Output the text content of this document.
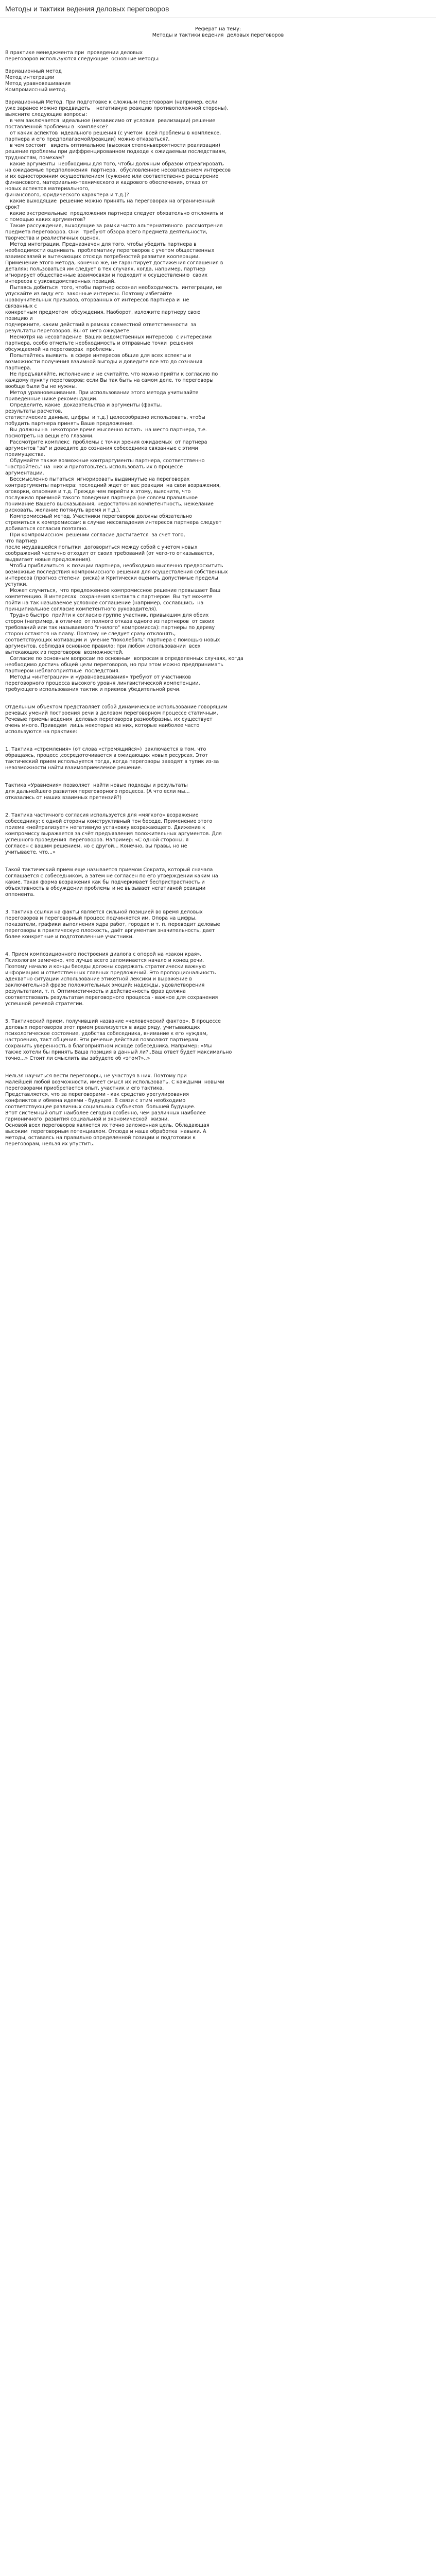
Методы и тактики ведения деловых переговоров

Реферат на тему:

Методы и тактики ведения  деловых переговоров

В практике менеджмента при  проведении деловых

переговоров используются следующие  основные методы:

Вариационный метод

Метод интеграции

Метод уравновешивания

Компромиссный метод.

Вариационный Метод. При подготовке к сложным переговорам (например, если

уже заранее можно предвидеть    негативную реакцию противоположной стороны),

выясните следующие вопросы:

в чем заключается  идеальное (независимо от условия  реализации) решение

поставленной проблемы в  комплексе?

от каких аспектов  идеального решения (с учетом  всей проблемы в комплексе,

партнера и его предполагаемой/реакции) можно отказаться?,

в чем состоит   видеть оптимальное (высокая степеньвероятности реализации)

решение проблемы при диффренцированном подходе к ожидаемым последствиям,

трудностям, помехам?

какие аргументы  необходимы для того, чтобы должным образом отреагировать

на ожидаемые предположения  партнера,  обусловленное несовпадением интересов

и их односторонним осуществлением (сужение или соответственно расширение

финансового, материально-технического и кадрового обеспечения, отказ от

новых аспектов материального,

финансового, юридического характера и т.д.)?

какие выходящие  решение можно принять на переговорах на ограниченный

срок?

какие экстремальные  предложения партнера следует обязательно отклонить и

с помощью каких аргументов?

Такие рассуждения, выходящие за рамки чисто альтернативного  рассмотрения

предмета переговоров. Они   требуют обзора всего предмета деятельности,

творчества и реалистичных оценок.

Метод интеграции. Предназначен для того, чтобы убедить партнера в

необходимости оценивать  проблематику переговоров с учетом общественных

взаимосвязей и вытекающих отсюда потребностей развития кооперации.

Применение этого метода, конечно же, не гарантирует достижения соглашения в

деталях; пользоваться им следует в тех случаях, когда, например, партнер

игнорирует общественные взаимосвязи и подходит к осуществлению  своих

интересов с узковедомственных позиций.

Пытаясь добиться  того, чтобы партнер осознал необходимость  интеграции, не

упускайте из виду его  законные интересы. Поэтому избегайте

нравоучительных призывов, оторванных от интересов партнера и  не

связанных с

конкретным предметом  обсуждения. Наоборот, изложите партнеру свою

позицию и

подчеркните, каким действий в рамках совместной ответственности  за

результаты переговоров. Вы от него ожидаете.

Несмотря на несовпадение  Ваших ведомственных интересов  с интересами

партнера, особо отметьте необходимость и отправные точки  решения

обсуждаемой на переговорах  проблемы.

Попытайтесь выявить  в сфере интересов общие для всех аспекты и

возможности получения взаимной выгоды и доведите все это до сознания

партнера.

Не предъявляйте, исполнение и не считайте, что можно прийти к согласию по

каждому пункту переговоров; если Вы так быть на самом деле, то переговоры

вообще были бы не нужны.

Метод уравновешивания. При использовании этого метода учитывайте

приведенные ниже рекомендации.

Определите, какие  доказательства и аргументы (факты,

результаты расчетов,

статистические данные, цифры  и т.д.) целесообразно использовать, чтобы

побудить партнера принять Ваше предложение.

Вы должны на  некоторое время мысленно встать  на место партнера, т.е.

посмотреть на вещи его глазами.

Рассмотрите комплекс  проблемы с точки зрения ожидаемых  от партнера

аргументов "за" и доведите до сознания собеседника связанные с этими

преимущества.

Обдумайте также возможные контраргументы партнера, соответственно

"настройтесь" на  них и приготовьтесь использовать их в процессе

аргументации.

Бессмысленно пытаться  игнорировать выдвинутые на переговорах

контраргументы партнера: последний ждет от вас реакции  на свои возражения,

оговорки, опасения и т.д. Прежде чем перейти к этому, выясните, что

послужило причиной такого поведения партнера (не совсем правильное

понимание Вашего высказывания, недостаточная компетентность, нежелание

рисковать, желание потянуть время и т.д.).

Компромиссный метод. Участники переговоров должны обязательно

стремиться к компромиссам: в случае несовпадения интересов партнера следует

добиваться согласия поэтапно.

При компромиссном  решении согласие достигается  за счет того,

что партнер

после неудавшейся попытки  договориться между собой с учетом новых

соображений частично отходит от своих требований (от чего-то отказывается,

выдвигает новые предложения).

Чтобы приблизиться  к позиции партнера, необходимо мысленно предвосхитить

возможные последствия компромиссного решения для осуществления собственных

интересов (прогноз степени  риска) и Критически оценить допустимые пределы

уступки.

Может случиться,  что предложенное компромиссное решение превышает Ваш

компетенцию. В интересах  сохранения контакта с партнером  Вы тут можете

пойти на так называемое условное соглашение (например, сославшись  на

принципиальное согласие компетентного руководителя).

Трудно быстро  прийти к согласию группе участник, привыкшим для обеих

сторон (например, в отличие  от полного отказа одного из партнеров  от своих

требований или так называемого "гнилого" компромисса): партнеры по дереву

сторон остаются на плаву. Поэтому не следует сразу отклонять,

соответствующих мотивации и  умение "поколебать" партнера с помощью новых

аргументов, соблюдая основное правило: при любом использовании  всех

вытекающих из переговоров  возможностей.

Согласие по основным вопросам по основным  вопросам в определенных случаях, когда

необходимо достичь общей цели переговоров, но при этом можно предпринимать

партнером неблагоприятные  последствия.

Методы «интеграции» и «уравновешивания» требуют от участников

переговорного процесса высокого уровня лингвистической компетенции,

требующего использования тактик и приемов убедительной речи.

Отдельным объектом представляет собой динамическое использование говорящим

речевых умений построения речи в деловом переговорном процессе статичным.

Речевые приемы ведения  деловых переговоров разнообразны, их существует

очень много. Приведем  лишь некоторые из них, которые наиболее часто

используются на практике:

1. Тактика «стремления» (от слова «стремящийся»)  заключается в том, что

обращаясь, процесс ,сосредоточивается в ожидающих новых ресурсах. Этот

тактический прием используется тогда, когда переговоры заходят в тупик из-за

невозможности найти взаимоприемлемое решение.

Тактика «Уравнения» позволяет  найти новые подходы и результаты

для дальнейшего развития переговорного процесса. (А что если мы...

отказались от наших взаимных претензий?)

2. Тактика частичного согласия используется для «мягкого» возражение

собеседнику: с одной стороны конструктивный тон беседе. Применение этого

приема «нейтрализует» негативную установку возражающего. Движение к

компромиссу выражается за счёт предъявления положительных аргументов. Для

успешного проведения  переговоров. Например: «С одной стороны, я

согласен с вашим решением, но с другой... Конечно, вы правы, но не

учитываете, что...»

Такой тактический прием еще называется приемом Сократа, который сначала

соглашается с собеседником, а затем не согласен по его утверждении каким на

какие. Такая форма возражения как бы подчеркивает беспристрастность и

объективность в обсуждении проблемы и не вызывает негативной реакции

оппонента.

3. Тактика ссылки на факты является сильной позицией во время деловых

переговоров и переговорный процесс подчиняется им. Опора на цифры,

показатели, графики выполнения ядра работ, городах и т. п. переводит деловые

переговоры в практическую плоскость, даёт аргументам значительность, дает

более конкретные и подготовленные участники.

4. Прием композиционного построения диалога с опорой на «закон края».

Психологам замечено, что лучше всего запоминается начало и конец речи.

Поэтому начало и концы беседы должны содержать стратегически важную

информацию и ответственных главных предложений. Это пропорциональность

адекватно ситуации использование этикетной лексики и выражение в

заключительной фразе положительных эмоций: надежды, удовлетворения

результатами, т. п. Оптимистичность и действенность фраз должна

соответствовать результатам переговорного процесса - важное для сохранения

успешной речевой стратегии.

5. Тактический прием, получивший название «человеческий фактор». В процессе

деловых переговоров этот прием реализуется в виде ряду, учитывающих

психологическое состояние, удобства собеседника, внимание к его нуждам,

настроению, такт общения. Эти речевые действия позволяют партнерам

сохранить уверенность в благоприятном исходе собеседника. Например: «Мы

также хотели бы принять Ваша позиция в данный ли?..Ваш ответ будет максимально

точно...» Стоит ли смыслить вы забудете об «этом?»..»

Нельзя научиться вести переговоры, не участвуя в них. Поэтому при

малейшей любой возможности, имеет смысл их использовать. С каждыми  новыми

переговорами приобретается опыт, участник и его тактика.

Представляется, что за переговорами - как средство урегулирования

конфликтов и обмена идеями - будущее. В связи с этим необходимо

соответствующее различных социальных субъектов  большей будущее.

Этот системный опыт наиболее сегодня особенно, чем различных наиболее

гармоничного  развития социальной и экономической  жизни.

Основой всех переговоров является их точно заложенная цель. Обладающая

высоким  переговорным потенциалом. Отсюда и наша обработка  навыки. А

методы, оставаясь на правильно определенной позиции и подготовки к

переговорам, нельзя их упустить.
